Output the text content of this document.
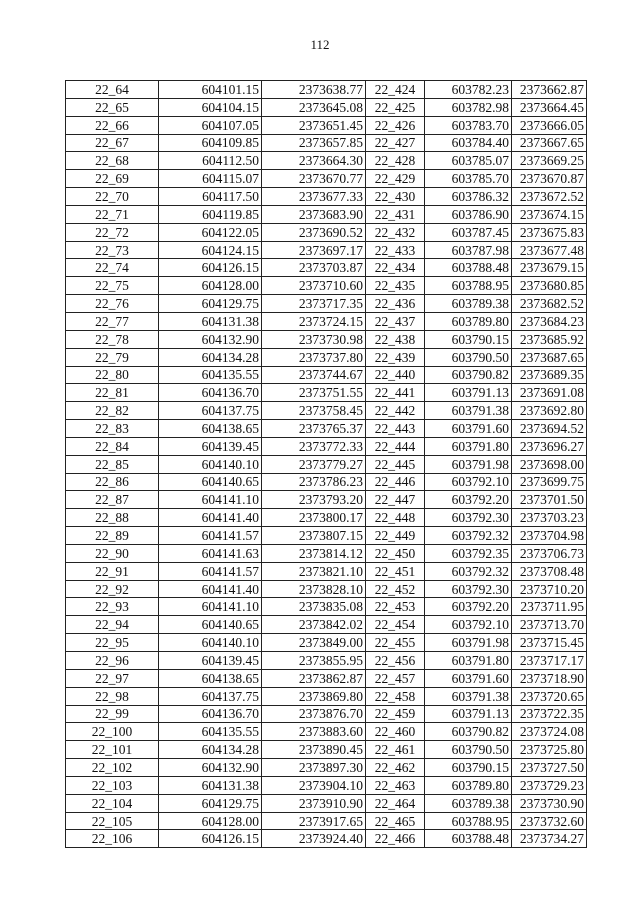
112
22_64	604101.15	2373638.77	22_424	603782.23	2373662.87
22_65	604104.15	2373645.08	22_425	603782.98	2373664.45
22_66	604107.05	2373651.45	22_426	603783.70	2373666.05
22_67	604109.85	2373657.85	22_427	603784.40	2373667.65
22_68	604112.50	2373664.30	22_428	603785.07	2373669.25
22_69	604115.07	2373670.77	22_429	603785.70	2373670.87
22_70	604117.50	2373677.33	22_430	603786.32	2373672.52
22_71	604119.85	2373683.90	22_431	603786.90	2373674.15
22_72	604122.05	2373690.52	22_432	603787.45	2373675.83
22_73	604124.15	2373697.17	22_433	603787.98	2373677.48
22_74	604126.15	2373703.87	22_434	603788.48	2373679.15
22_75	604128.00	2373710.60	22_435	603788.95	2373680.85
22_76	604129.75	2373717.35	22_436	603789.38	2373682.52
22_77	604131.38	2373724.15	22_437	603789.80	2373684.23
22_78	604132.90	2373730.98	22_438	603790.15	2373685.92
22_79	604134.28	2373737.80	22_439	603790.50	2373687.65
22_80	604135.55	2373744.67	22_440	603790.82	2373689.35
22_81	604136.70	2373751.55	22_441	603791.13	2373691.08
22_82	604137.75	2373758.45	22_442	603791.38	2373692.80
22_83	604138.65	2373765.37	22_443	603791.60	2373694.52
22_84	604139.45	2373772.33	22_444	603791.80	2373696.27
22_85	604140.10	2373779.27	22_445	603791.98	2373698.00
22_86	604140.65	2373786.23	22_446	603792.10	2373699.75
22_87	604141.10	2373793.20	22_447	603792.20	2373701.50
22_88	604141.40	2373800.17	22_448	603792.30	2373703.23
22_89	604141.57	2373807.15	22_449	603792.32	2373704.98
22_90	604141.63	2373814.12	22_450	603792.35	2373706.73
22_91	604141.57	2373821.10	22_451	603792.32	2373708.48
22_92	604141.40	2373828.10	22_452	603792.30	2373710.20
22_93	604141.10	2373835.08	22_453	603792.20	2373711.95
22_94	604140.65	2373842.02	22_454	603792.10	2373713.70
22_95	604140.10	2373849.00	22_455	603791.98	2373715.45
22_96	604139.45	2373855.95	22_456	603791.80	2373717.17
22_97	604138.65	2373862.87	22_457	603791.60	2373718.90
22_98	604137.75	2373869.80	22_458	603791.38	2373720.65
22_99	604136.70	2373876.70	22_459	603791.13	2373722.35
22_100	604135.55	2373883.60	22_460	603790.82	2373724.08
22_101	604134.28	2373890.45	22_461	603790.50	2373725.80
22_102	604132.90	2373897.30	22_462	603790.15	2373727.50
22_103	604131.38	2373904.10	22_463	603789.80	2373729.23
22_104	604129.75	2373910.90	22_464	603789.38	2373730.90
22_105	604128.00	2373917.65	22_465	603788.95	2373732.60
22_106	604126.15	2373924.40	22_466	603788.48	2373734.27
